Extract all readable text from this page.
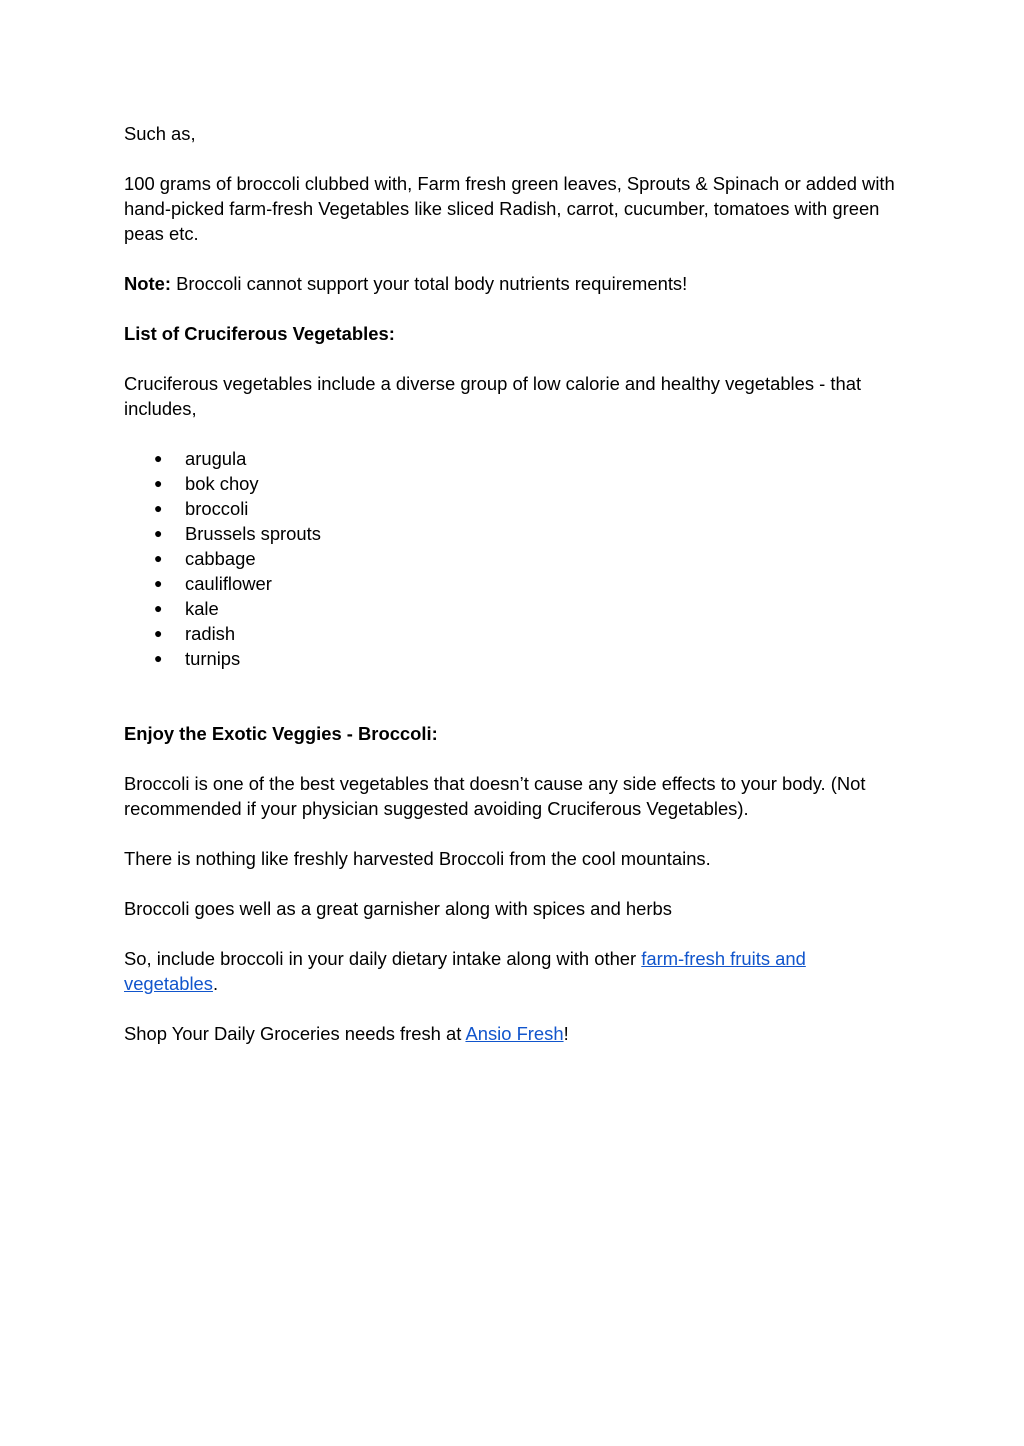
Such as,

100 grams of broccoli clubbed with, Farm fresh green leaves, Sprouts & Spinach or added with hand-picked farm-fresh Vegetables like sliced Radish, carrot, cucumber, tomatoes with green peas etc.

Note: Broccoli cannot support your total body nutrients requirements!

List of Cruciferous Vegetables:

Cruciferous vegetables include a diverse group of low calorie and healthy vegetables - that includes,

● arugula
● bok choy
● broccoli
● Brussels sprouts
● cabbage
● cauliflower
● kale
● radish
● turnips

Enjoy the Exotic Veggies - Broccoli:

Broccoli is one of the best vegetables that doesn’t cause any side effects to your body. (Not recommended if your physician suggested avoiding Cruciferous Vegetables).

There is nothing like freshly harvested Broccoli from the cool mountains.

Broccoli goes well as a great garnisher along with spices and herbs

So, include broccoli in your daily dietary intake along with other farm-fresh fruits and vegetables.

Shop Your Daily Groceries needs fresh at Ansio Fresh!
